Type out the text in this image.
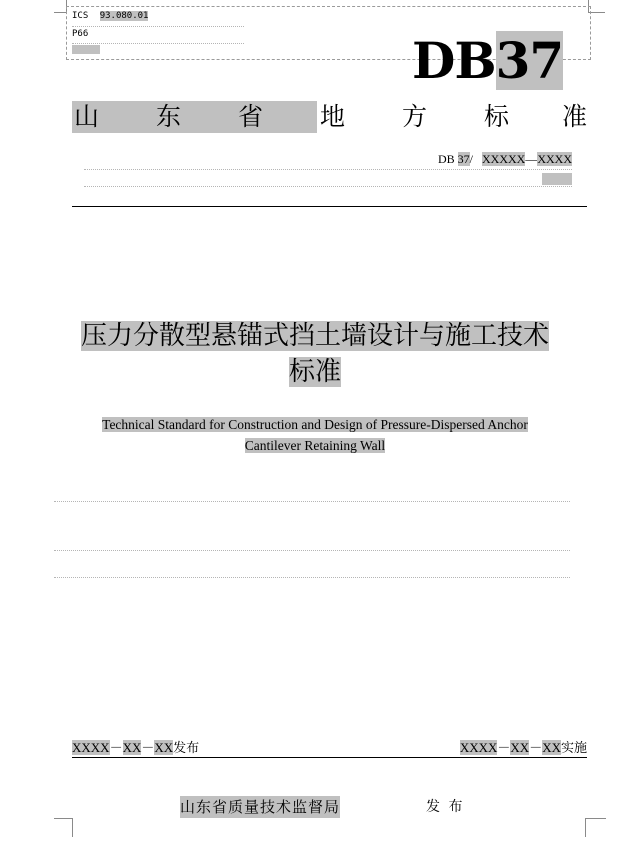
ICS 93.080.01
P66	DB37
山 东 省 地 方 标 准
DB 37/ XXXXX—XXXX
压力分散型悬锚式挡土墙设计与施工技术
标准
Technical Standard for Construction and Design of Pressure-Dispersed Anchor
Cantilever Retaining Wall
XXXX－XX－XX发布	XXXX－XX－XX实施
山东省质量技术监督局	发 布
